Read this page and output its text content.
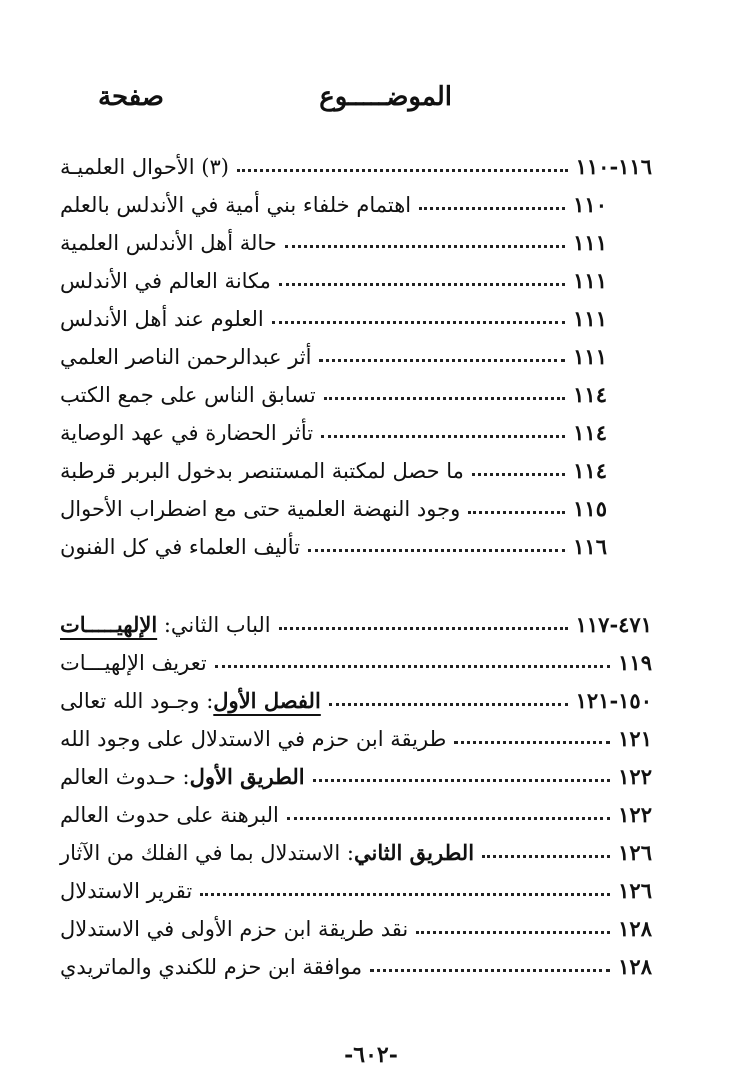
الموضـــــوع
صفحة
(٣) الأحوال العلميـة	١١٦-١١٠
اهتمام خلفاء بني أمية في الأندلس بالعلم	١١٠
حالة أهل الأندلس العلمية	١١١
مكانة العالم في الأندلس	١١١
العلوم عند أهل الأندلس	١١١
أثر عبدالرحمن الناصر العلمي	١١١
تسابق الناس على جمع الكتب	١١٤
تأثر الحضارة في عهد الوصاية	١١٤
ما حصل لمكتبة المستنصر بدخول البربر قرطبة	١١٤
وجود النهضة العلمية حتى مع اضطراب الأحوال	١١٥
تأليف العلماء في كل الفنون	١١٦
الباب الثاني: الإلهيـــــات	٤٧١-١١٧
تعريف الإلهيـــات	١١٩
الفصل الأول: وجـود الله تعالى	١٥٠-١٢١
طريقة ابن حزم في الاستدلال على وجود الله	١٢١
الطريق الأول: حـدوث العالم	١٢٢
البرهنة على حدوث العالم	١٢٢
الطريق الثاني: الاستدلال بما في الفلك من الآثار	١٢٦
تقرير الاستدلال	١٢٦
نقد طريقة ابن حزم الأولى في الاستدلال	١٢٨
موافقة ابن حزم للكندي والماتريدي	١٢٨
-٦٠٢-
